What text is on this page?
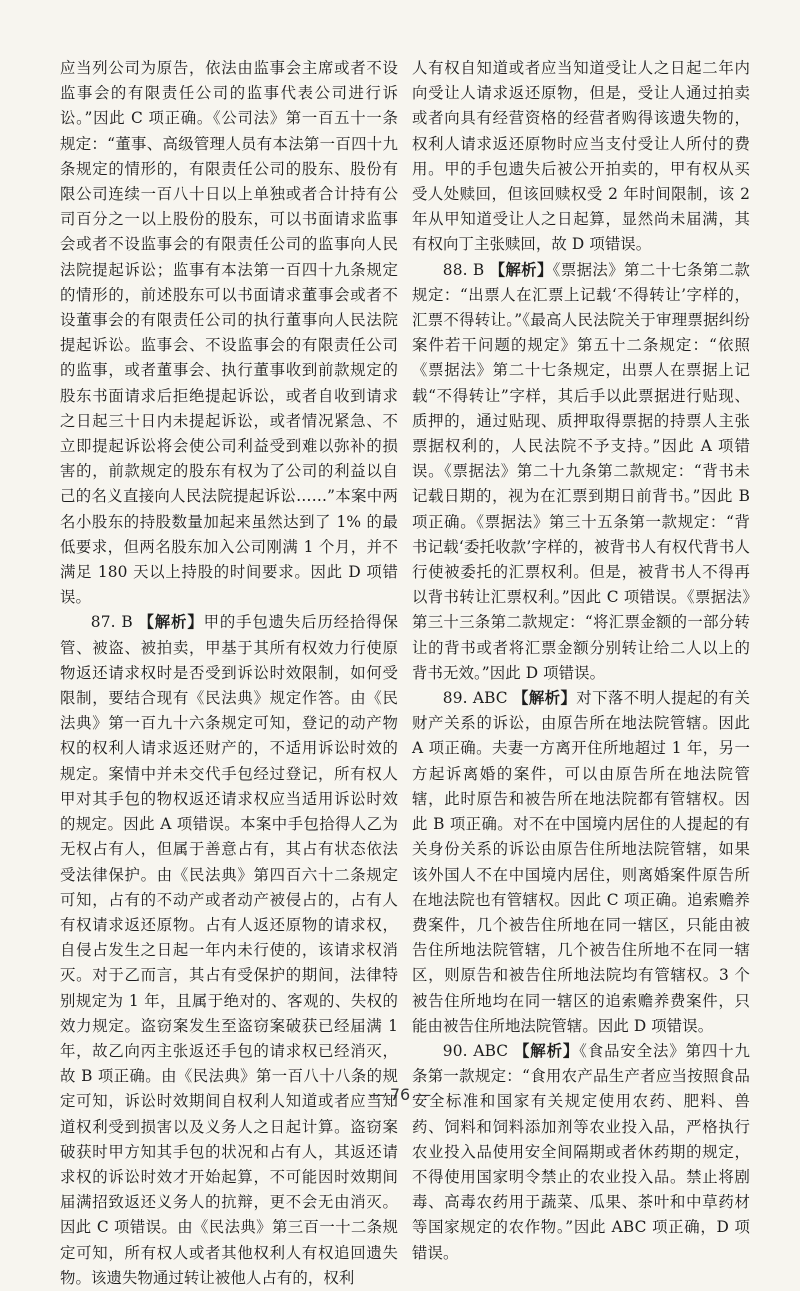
应当列公司为原告，依法由监事会主席或者不设监事会的有限责任公司的监事代表公司进行诉讼。”因此 C 项正确。《公司法》第一百五十一条规定：“董事、高级管理人员有本法第一百四十九条规定的情形的，有限责任公司的股东、股份有限公司连续一百八十日以上单独或者合计持有公司百分之一以上股份的股东，可以书面请求监事会或者不设监事会的有限责任公司的监事向人民法院提起诉讼；监事有本法第一百四十九条规定的情形的，前述股东可以书面请求董事会或者不设董事会的有限责任公司的执行董事向人民法院提起诉讼。监事会、不设监事会的有限责任公司的监事，或者董事会、执行董事收到前款规定的股东书面请求后拒绝提起诉讼，或者自收到请求之日起三十日内未提起诉讼，或者情况紧急、不立即提起诉讼将会使公司利益受到难以弥补的损害的，前款规定的股东有权为了公司的利益以自己的名义直接向人民法院提起诉讼……”本案中两名小股东的持股数量加起来虽然达到了 1% 的最低要求，但两名股东加入公司刚满 1 个月，并不满足 180 天以上持股的时间要求。因此 D 项错误。

87. B 【解析】甲的手包遗失后历经拾得保管、被盗、被拍卖，甲基于其所有权效力行使原物返还请求权时是否受到诉讼时效限制，如何受限制，要结合现有《民法典》规定作答。由《民法典》第一百九十六条规定可知，登记的动产物权的权利人请求返还财产的，不适用诉讼时效的规定。案情中并未交代手包经过登记，所有权人甲对其手包的物权返还请求权应当适用诉讼时效的规定。因此 A 项错误。本案中手包拾得人乙为无权占有人，但属于善意占有，其占有状态依法受法律保护。由《民法典》第四百六十二条规定可知，占有的不动产或者动产被侵占的，占有人有权请求返还原物。占有人返还原物的请求权，自侵占发生之日起一年内未行使的，该请求权消灭。对于乙而言，其占有受保护的期间，法律特别规定为 1 年，且属于绝对的、客观的、失权的效力规定。盗窃案发生至盗窃案破获已经届满 1 年，故乙向丙主张返还手包的请求权已经消灭，故 B 项正确。由《民法典》第一百八十八条的规定可知，诉讼时效期间自权利人知道或者应当知道权利受到损害以及义务人之日起计算。盗窃案破获时甲方知其手包的状况和占有人，其返还请求权的诉讼时效才开始起算，不可能因时效期间届满招致返还义务人的抗辩，更不会无由消灭。因此 C 项错误。由《民法典》第三百一十二条规定可知，所有权人或者其他权利人有权追回遗失物。该遗失物通过转让被他人占有的，权利

人有权自知道或者应当知道受让人之日起二年内向受让人请求返还原物，但是，受让人通过拍卖或者向具有经营资格的经营者购得该遗失物的，权利人请求返还原物时应当支付受让人所付的费用。甲的手包遗失后被公开拍卖的，甲有权从买受人处赎回，但该回赎权受 2 年时间限制，该 2 年从甲知道受让人之日起算，显然尚未届满，其有权向丁主张赎回，故 D 项错误。

88. B 【解析】《票据法》第二十七条第二款规定：“出票人在汇票上记载‘不得转让’字样的，汇票不得转让。”《最高人民法院关于审理票据纠纷案件若干问题的规定》第五十二条规定：“依照《票据法》第二十七条规定，出票人在票据上记载“不得转让”字样，其后手以此票据进行贴现、质押的，通过贴现、质押取得票据的持票人主张票据权利的，人民法院不予支持。”因此 A 项错误。《票据法》第二十九条第二款规定：“背书未记载日期的，视为在汇票到期日前背书。”因此 B 项正确。《票据法》第三十五条第一款规定：“背书记载‘委托收款’字样的，被背书人有权代背书人行使被委托的汇票权利。但是，被背书人不得再以背书转让汇票权利。”因此 C 项错误。《票据法》第三十三条第二款规定：“将汇票金额的一部分转让的背书或者将汇票金额分别转让给二人以上的背书无效。”因此 D 项错误。

89. ABC 【解析】对下落不明人提起的有关财产关系的诉讼，由原告所在地法院管辖。因此 A 项正确。夫妻一方离开住所地超过 1 年，另一方起诉离婚的案件，可以由原告所在地法院管辖，此时原告和被告所在地法院都有管辖权。因此 B 项正确。对不在中国境内居住的人提起的有关身份关系的诉讼由原告住所地法院管辖，如果该外国人不在中国境内居住，则离婚案件原告所在地法院也有管辖权。因此 C 项正确。追索赡养费案件，几个被告住所地在同一辖区，只能由被告住所地法院管辖，几个被告住所地不在同一辖区，则原告和被告住所地法院均有管辖权。3 个被告住所地均在同一辖区的追索赡养费案件，只能由被告住所地法院管辖。因此 D 项错误。

90. ABC 【解析】《食品安全法》第四十九条第一款规定：“食用农产品生产者应当按照食品安全标准和国家有关规定使用农药、肥料、兽药、饲料和饲料添加剂等农业投入品，严格执行农业投入品使用安全间隔期或者休药期的规定，不得使用国家明令禁止的农业投入品。禁止将剧毒、高毒农药用于蔬菜、瓜果、茶叶和中草药材等国家规定的农作物。”因此 ABC 项正确，D 项错误。

— 76 —
